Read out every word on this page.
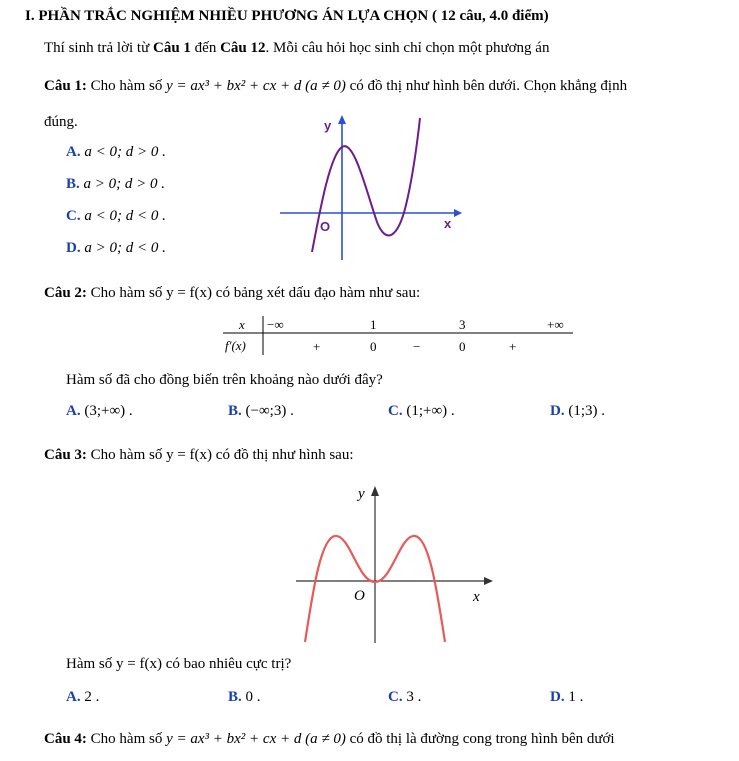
I. PHẦN TRẮC NGHIỆM NHIỀU PHƯƠNG ÁN LỰA CHỌN ( 12 câu, 4.0 điểm)
Thí sinh trả lời từ Câu 1 đến Câu 12. Mỗi câu hỏi học sinh chỉ chọn một phương án
Câu 1: Cho hàm số y = ax³ + bx² + cx + d (a ≠ 0) có đồ thị như hình bên dưới. Chọn khẳng định
đúng.
A. a < 0; d > 0 .
B. a > 0; d > 0 .
C. a < 0; d < 0 .
D. a > 0; d < 0 .
y
x
O
Câu 2: Cho hàm số y = f(x) có bảng xét dấu đạo hàm như sau:
x −∞	1	3	+∞
f′(x)	+	0	−	0	+
Hàm số đã cho đồng biến trên khoảng nào dưới đây?
A. (3;+∞) .	B. (−∞;3) .	C. (1;+∞) .	D. (1;3) .
Câu 3: Cho hàm số y = f(x) có đồ thị như hình sau:
y
x
O
Hàm số y = f(x) có bao nhiêu cực trị?
A. 2 .	B. 0 .	C. 3 .	D. 1 .
Câu 4: Cho hàm số y = ax³ + bx² + cx + d (a ≠ 0) có đồ thị là đường cong trong hình bên dưới
